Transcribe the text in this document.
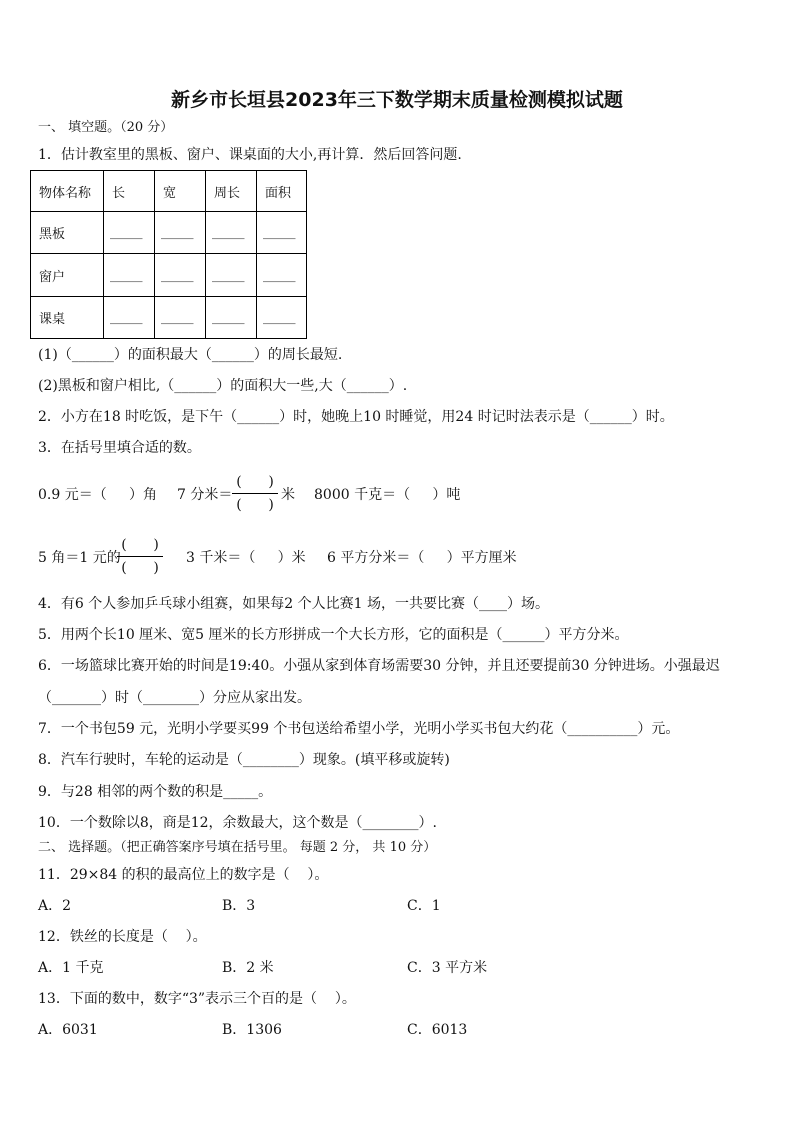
新乡市长垣县2023年三下数学期末质量检测模拟试题
一、 填空题。（20 分）
1．估计教室里的黑板、窗户、课桌面的大小,再计算．然后回答问题.
物体名称	长	宽	周长	面积
黑板	_____	_____	_____	_____
窗户	_____	_____	_____	_____
课桌	_____	_____	_____	_____
(1)（______）的面积最大（______）的周长最短.
(2)黑板和窗户相比,（______）的面积大一些,大（______）.
2．小方在18 时吃饭，是下午（______）时，她晚上10 时睡觉，用24 时记时法表示是（______）时。
3．在括号里填合适的数。
0.9 元＝（     ）角 7 分米＝
(      )
(      )
米 8000 千克＝（     ）吨
5 角＝1 元的
(      )
(      )
3 千米＝（     ）米 6 平方分米＝（     ）平方厘米
4．有6 个人参加乒乓球小组赛，如果每2 个人比赛1 场，一共要比赛（____）场。
5．用两个长10 厘米、宽5 厘米的长方形拼成一个大长方形，它的面积是（______）平方分米。
6．一场篮球比赛开始的时间是19:40。小强从家到体育场需要30 分钟，并且还要提前30 分钟进场。小强最迟
（_______）时（________）分应从家出发。
7．一个书包59 元，光明小学要买99 个书包送给希望小学，光明小学买书包大约花（__________）元。
8．汽车行驶时，车轮的运动是（________）现象。(填平移或旋转)
9．与28 相邻的两个数的积是_____。
10．一个数除以8，商是12，余数最大，这个数是（________）.
二、 选择题。（把正确答案序号填在括号里。 每题 2 分， 共 10 分）
11．29×84 的积的最高位上的数字是（    ）。
A．2	B．3	C．1
12．铁丝的长度是（    ）。
A．1 千克	B．2 米	C．3 平方米
13．下面的数中，数字“3”表示三个百的是（    ）。
A．6031	B．1306	C．6013
